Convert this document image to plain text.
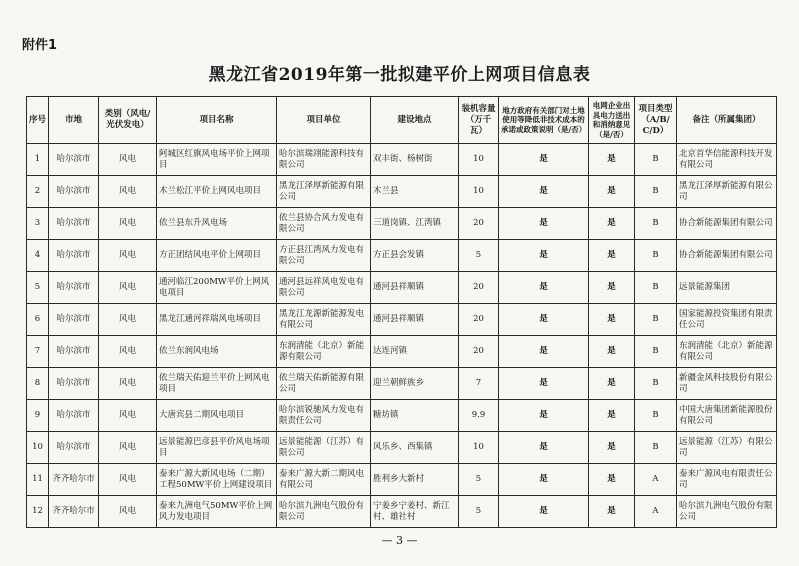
附件1
黑龙江省2019年第一批拟建平价上网项目信息表
序号	市地	类别（风电/光伏发电）	项目名称	项目单位	建设地点	装机容量（万千瓦）	地方政府有关部门对土地使用等降低非技术成本的承诺或政策说明（是/否）	电网企业出具电力送出和消纳意见（是/否）	项目类型（A/B/C/D）	备注（所属集团）
1	哈尔滨市	风电	阿城区红旗风电场平价上网项目	哈尔滨瑞翊能源科技有限公司	双丰街、杨树街	10	是	是	B	北京首华信能源科技开发有限公司
2	哈尔滨市	风电	木兰松江平价上网风电项目	黑龙江泽厚新能源有限公司	木兰县	10	是	是	B	黑龙江泽厚新能源有限公司
3	哈尔滨市	风电	依兰县东升风电场	依兰县协合风力发电有限公司	三道岗镇、江湾镇	20	是	是	B	协合新能源集团有限公司
4	哈尔滨市	风电	方正团结风电平价上网项目	方正县江湾风力发电有限公司	方正县会发镇	5	是	是	B	协合新能源集团有限公司
5	哈尔滨市	风电	通河临江200MW平价上网风电项目	通河县远祥风电发电有限公司	通河县祥顺镇	20	是	是	B	远景能源集团
6	哈尔滨市	风电	黑龙江通河祥瑞风电场项目	黑龙江龙源新能源发电有限公司	通河县祥顺镇	20	是	是	B	国家能源投资集团有限责任公司
7	哈尔滨市	风电	依兰东润风电场	东润清能（北京）新能源有限公司	达连河镇	20	是	是	B	东润清能（北京）新能源有限公司
8	哈尔滨市	风电	依兰瑞天佑迎兰平价上网风电项目	依兰瑞天佑新能源有限公司	迎兰朝鲜族乡	7	是	是	B	新疆金风科技股份有限公司
9	哈尔滨市	风电	大唐宾县二期风电项目	哈尔滨锐驰风力发电有限责任公司	糖坊镇	9.9	是	是	B	中国大唐集团新能源股份有限公司
10	哈尔滨市	风电	远景能源巴彦县平价风电场项目	远景能能源（江苏）有限公司	风乐乡、西集镇	10	是	是	B	远景能源（江苏）有限公司
11	齐齐哈尔市	风电	泰来广源大新风电场（二期）工程50MW平价上网建设项目	泰来广源大新二期风电有限公司	胜利乡大新村	5	是	是	A	泰来广源风电有限责任公司
12	齐齐哈尔市	风电	泰来九洲电气50MW平价上网风力发电项目	哈尔滨九洲电气股份有限公司	宁姜乡宁姜村、新江村、雄社村	5	是	是	A	哈尔滨九洲电气股份有限公司
— 3 —
